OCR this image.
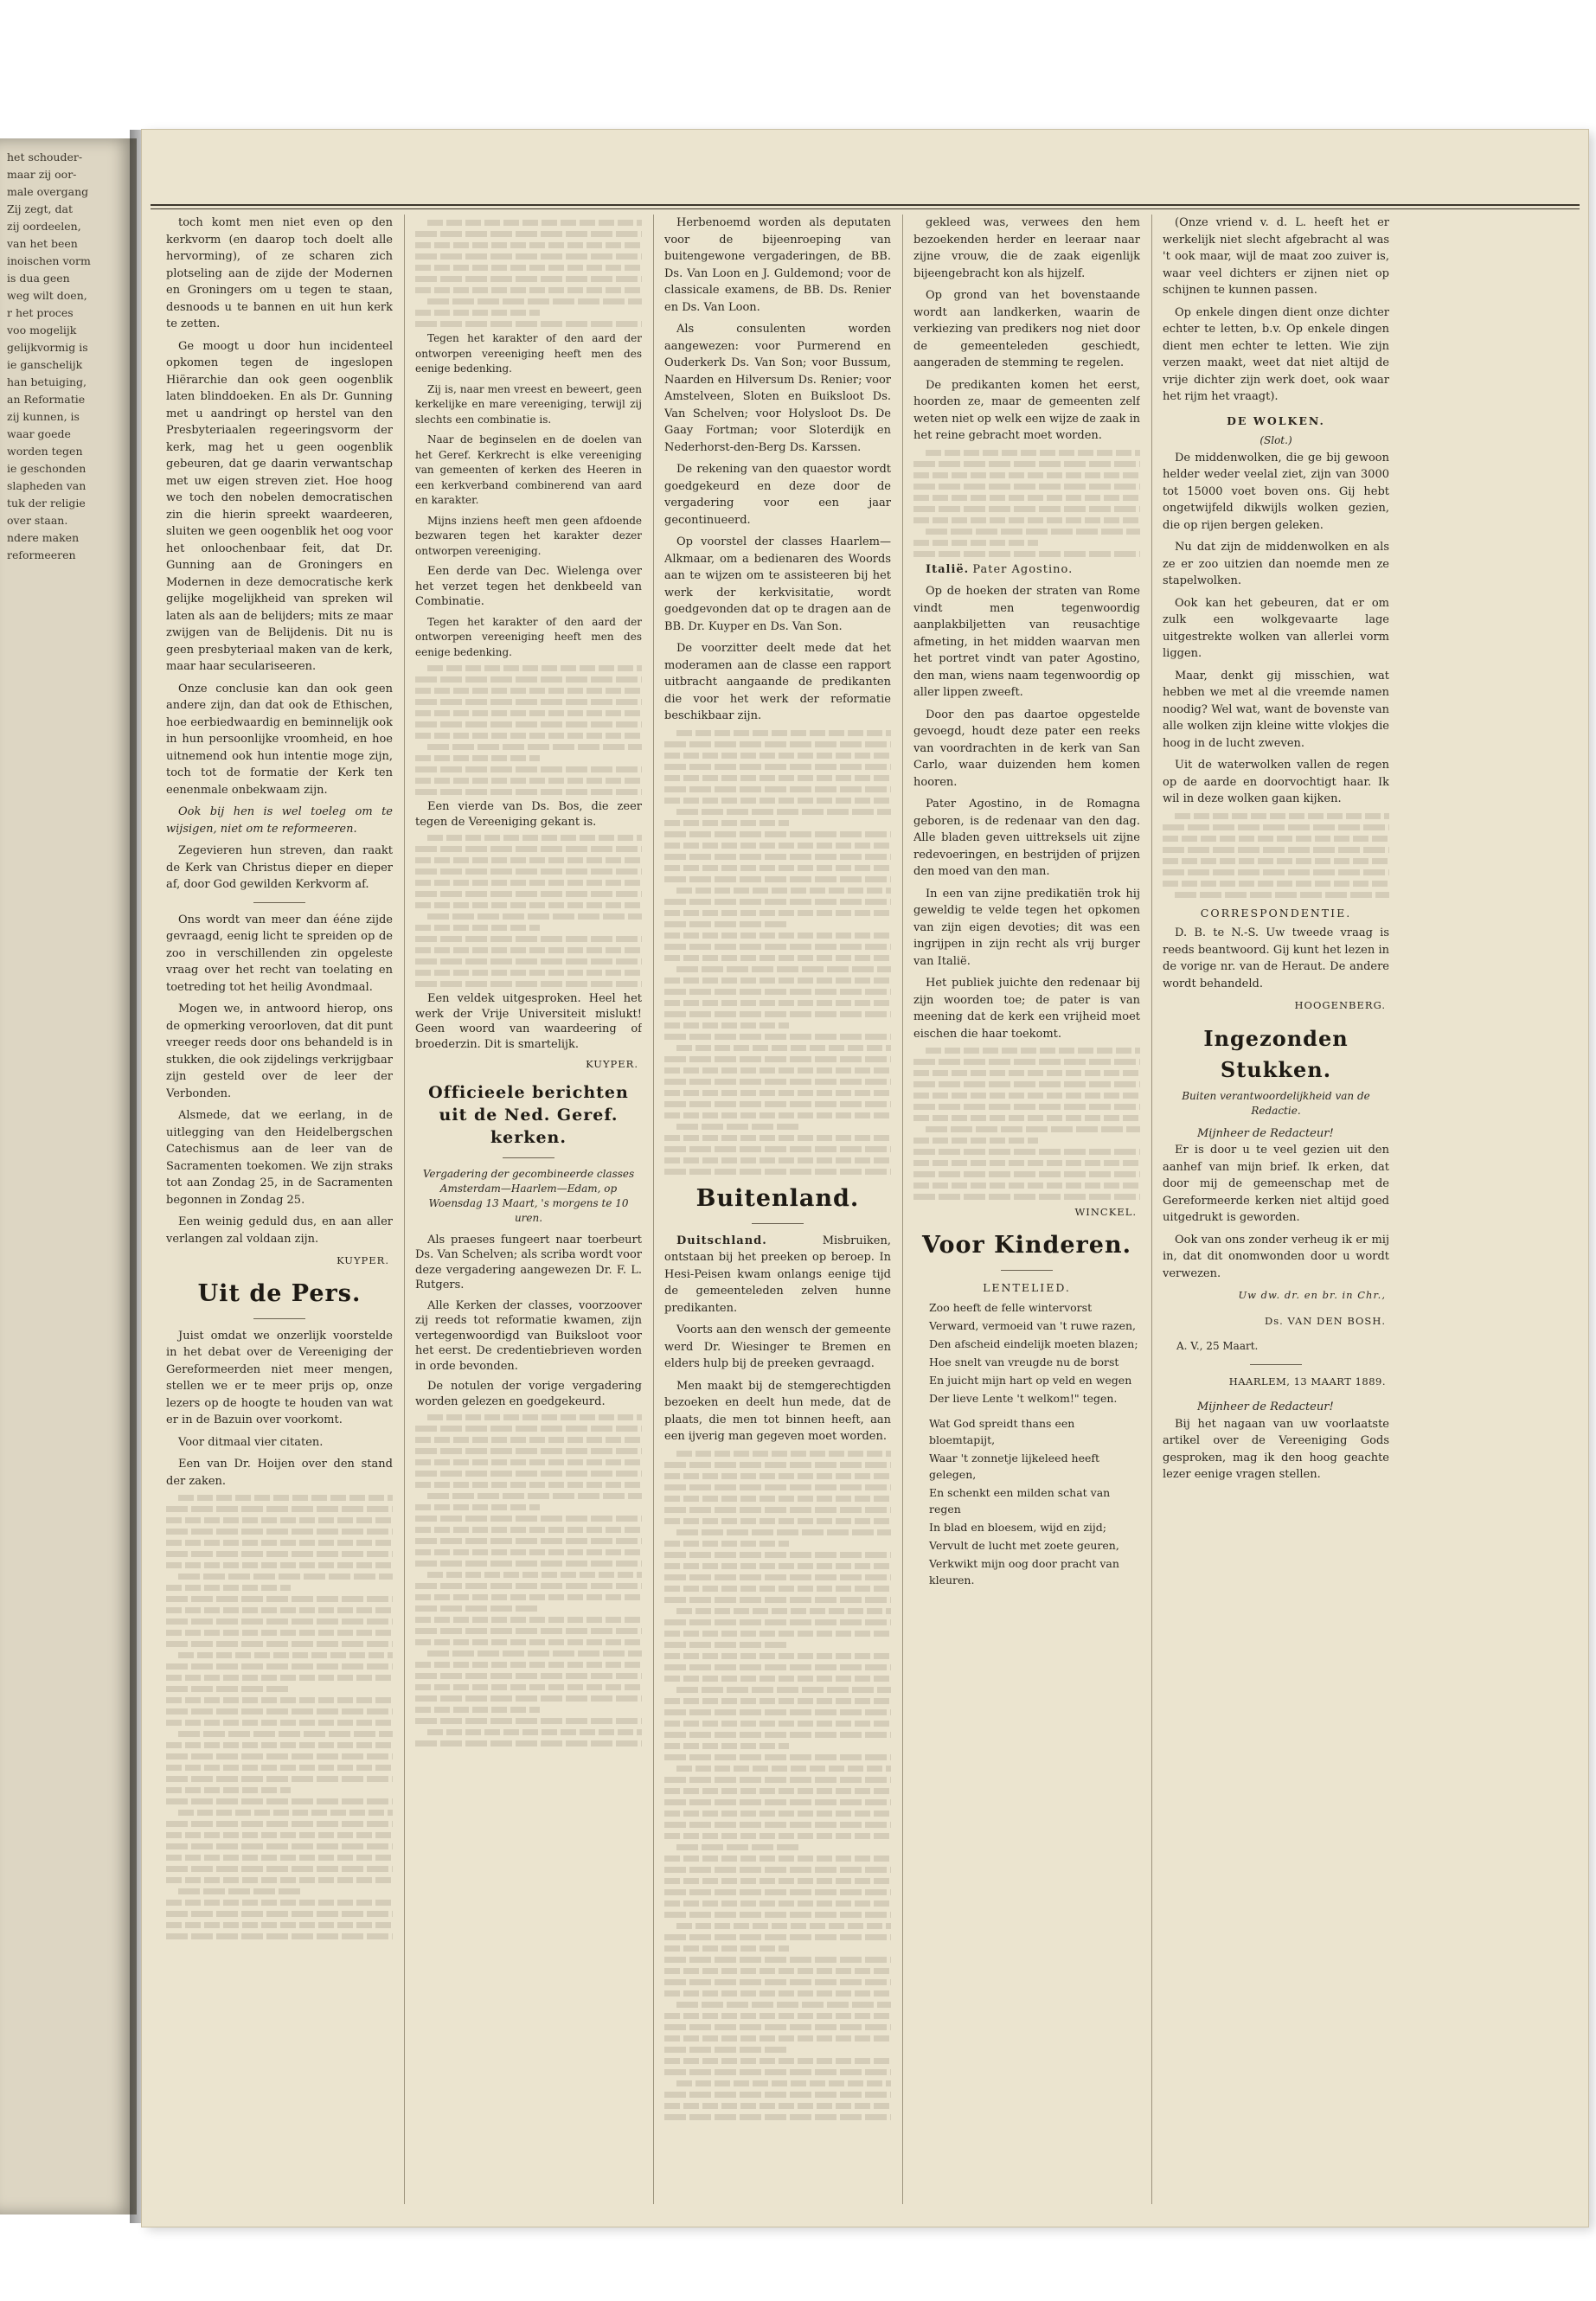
het schouder-
maar zij oor-
male overgang
Zij zegt, dat
zij oordeelen,
van het been
inoischen vorm
is dua geen
weg wilt doen,
r het proces
voo mogelijk
gelijkvormig is
ie ganschelijk
han betuiging,
an Reformatie
zij kunnen, is
waar goede
worden tegen
ie geschonden
slapheden van
tuk der religie
over staan.
ndere maken
reformeeren

toch komt men niet even op den kerkvorm (en daarop toch doelt alle hervorming), of ze scharen zich plotseling aan de zijde der Modernen en Groningers om u tegen te staan, desnoods u te bannen en uit hun kerk te zetten.

Ge moogt u door hun incidenteel opkomen tegen de ingeslopen Hiërarchie dan ook geen oogenblik laten blinddoeken. En als Dr. Gunning met u aandringt op herstel van den Presbyteriaalen regeeringsvorm der kerk, mag het u geen oogenblik gebeuren, dat ge daarin verwantschap met uw eigen streven ziet. Hoe hoog we toch den nobelen democratischen zin die hierin spreekt waardeeren, sluiten we geen oogenblik het oog voor het onloochenbaar feit, dat Dr. Gunning aan de Groningers en Modernen in deze democratische kerk gelijke mogelijkheid van spreken wil laten als aan de belijders; mits ze maar zwijgen van de Belijdenis. Dit nu is geen presbyteriaal maken van de kerk, maar haar seculariseeren.

Onze conclusie kan dan ook geen andere zijn, dan dat ook de Ethischen, hoe eerbiedwaardig en beminnelijk ook in hun persoonlijke vroomheid, en hoe uitnemend ook hun intentie moge zijn, toch tot de formatie der Kerk ten eenenmale onbekwaam zijn.

Ook bij hen is wel toeleg om te wijsigen, niet om te reformeeren.

Zegevieren hun streven, dan raakt de Kerk van Christus dieper en dieper af, door God gewilden Kerkvorm af.

Ons wordt van meer dan ééne zijde gevraagd, eenig licht te spreiden op de zoo in verschillenden zin opgeleste vraag over het recht van toelating en toetreding tot het heilig Avondmaal.

Mogen we, in antwoord hierop, ons de opmerking veroorloven, dat dit punt vreeger reeds door ons behandeld is in stukken, die ook zijdelings verkrijgbaar zijn gesteld over de leer der Verbonden.

Alsmede, dat we eerlang, in de uitlegging van den Heidelbergschen Catechismus aan de leer van de Sacramenten toekomen. We zijn straks tot aan Zondag 25, in de Sacramenten begonnen in Zondag 25.

Een weinig geduld dus, en aan aller verlangen zal voldaan zijn.

KUYPER.
Uit de Pers.

Juist omdat we onzerlijk voorstelde in het debat over de Vereeniging der Gereformeerden niet meer mengen, stellen we er te meer prijs op, onze lezers op de hoogte te houden van wat er in de Bazuin over voorkomt.

Voor ditmaal vier citaten.

Een van Dr. Hoijen over den stand der zaken.

Tegen het karakter of den aard der ontworpen vereeniging heeft men des eenige bedenking.

Zij is, naar men vreest en beweert, geen kerkelijke en mare vereeniging, terwijl zij slechts een combinatie is.

Naar de beginselen en de doelen van het Geref. Kerkrecht is elke vereeniging van gemeenten of kerken des Heeren in een kerkverband combinerend van aard en karakter.

Mijns inziens heeft men geen afdoende bezwaren tegen het karakter dezer ontworpen vereeniging.

Een derde van Dec. Wielenga over het verzet tegen het denkbeeld van Combinatie.

Tegen het karakter of den aard der ontworpen vereeniging heeft men des eenige bedenking.

Een vierde van Ds. Bos, die zeer tegen de Vereeniging gekant is.

Een veldek uitgesproken. Heel het werk der Vrije Universiteit mislukt! Geen woord van waardeering of broederzin. Dit is smartelijk.

KUYPER.
Officieele berichten uit de Ned. Geref. kerken.

Vergadering der gecombineerde classes Amsterdam—Haarlem—Edam, op Woensdag 13 Maart, 's morgens te 10 uren.

Als praeses fungeert naar toerbeurt Ds. Van Schelven; als scriba wordt voor deze vergadering aangewezen Dr. F. L. Rutgers.

Alle Kerken der classes, voorzoover zij reeds tot reformatie kwamen, zijn vertegenwoordigd van Buiksloot voor het eerst. De credentiebrieven worden in orde bevonden.

De notulen der vorige vergadering worden gelezen en goedgekeurd.

Herbenoemd worden als deputaten voor de bijeenroeping van buitengewone vergaderingen, de BB. Ds. Van Loon en J. Guldemond; voor de classicale examens, de BB. Ds. Renier en Ds. Van Loon.

Als consulenten worden aangewezen: voor Purmerend en Ouderkerk Ds. Van Son; voor Bussum, Naarden en Hilversum Ds. Renier; voor Amstelveen, Sloten en Buiksloot Ds. Van Schelven; voor Holysloot Ds. De Gaay Fortman; voor Sloterdijk en Nederhorst-den-Berg Ds. Karssen.

De rekening van den quaestor wordt goedgekeurd en deze door de vergadering voor een jaar gecontinueerd.

Op voorstel der classes Haarlem—Alkmaar, om a bedienaren des Woords aan te wijzen om te assisteeren bij het werk der kerkvisitatie, wordt goedgevonden dat op te dragen aan de BB. Dr. Kuyper en Ds. Van Son.

De voorzitter deelt mede dat het moderamen aan de classe een rapport uitbracht aangaande de predikanten die voor het werk der reformatie beschikbaar zijn.

Buitenland.

Duitschland.	Misbruiken, ontstaan bij het preeken op beroep. In Hesi-Peisen kwam onlangs eenige tijd de gemeenteleden zelven hunne predikanten.

Voorts aan den wensch der gemeente werd Dr. Wiesinger te Bremen en elders hulp bij de preeken gevraagd.

Men maakt bij de stemgerechtigden bezoeken en deelt hun mede, dat de plaats, die men tot binnen heeft, aan een ijverig man gegeven moet worden.

gekleed was, verwees den hem bezoekenden herder en leeraar naar zijne vrouw, die de zaak eigenlijk bijeengebracht kon als hijzelf.

Op grond van het bovenstaande wordt aan landkerken, waarin de verkiezing van predikers nog niet door de gemeenteleden geschiedt, aangeraden de stemming te regelen.

De predikanten komen het eerst, hoorden ze, maar de gemeenten zelf weten niet op welk een wijze de zaak in het reine gebracht moet worden.

Italië. Pater Agostino.

Op de hoeken der straten van Rome vindt men tegenwoordig aanplakbiljetten van reusachtige afmeting, in het midden waarvan men het portret vindt van pater Agostino, den man, wiens naam tegenwoordig op aller lippen zweeft.

Door den pas daartoe opgestelde gevoegd, houdt deze pater een reeks van voordrachten in de kerk van San Carlo, waar duizenden hem komen hooren.

Pater Agostino, in de Romagna geboren, is de redenaar van den dag. Alle bladen geven uittreksels uit zijne redevoeringen, en bestrijden of prijzen den moed van den man.

In een van zijne predikatiën trok hij geweldig te velde tegen het opkomen van zijn eigen devoties; dit was een ingrijpen in zijn recht als vrij burger van Italië.

Het publiek juichte den redenaar bij zijn woorden toe; de pater is van meening dat de kerk een vrijheid moet eischen die haar toekomt.

WINCKEL.
Voor Kinderen.
LENTELIED.
Zoo heeft de felle wintervorst
Verward, vermoeid van 't ruwe razen,
Den afscheid eindelijk moeten blazen;
Hoe snelt van vreugde nu de borst
En juicht mijn hart op veld en wegen
Der lieve Lente 't welkom!" tegen.
Wat God spreidt thans een bloemtapijt,
Waar 't zonnetje lijkeleed heeft gelegen,
En schenkt een milden schat van regen
In blad en bloesem, wijd en zijd;
Vervult de lucht met zoete geuren,
Verkwikt mijn oog door pracht van kleuren.

(Onze vriend v. d. L. heeft het er werkelijk niet slecht afgebracht al was 't ook maar, wijl de maat zoo zuiver is, waar veel dichters er zijnen niet op schijnen te kunnen passen.

Op enkele dingen dient onze dichter echter te letten, b.v. Op enkele dingen dient men echter te letten. Wie zijn verzen maakt, weet dat niet altijd de vrije dichter zijn werk doet, ook waar het rijm het vraagt).

DE WOLKEN.
(Slot.)

De middenwolken, die ge bij gewoon helder weder veelal ziet, zijn van 3000 tot 15000 voet boven ons. Gij hebt ongetwijfeld dikwijls wolken gezien, die op rijen bergen geleken.

Nu dat zijn de middenwolken en als ze er zoo uitzien dan noemde men ze stapelwolken.

Ook kan het gebeuren, dat er om zulk een wolkgevaarte lage uitgestrekte wolken van allerlei vorm liggen.

Maar, denkt gij misschien, wat hebben we met al die vreemde namen noodig? Wel wat, want de bovenste van alle wolken zijn kleine witte vlokjes die hoog in de lucht zweven.

Uit de waterwolken vallen de regen op de aarde en doorvochtigt haar. Ik wil in deze wolken gaan kijken.

CORRESPONDENTIE.

D. B. te N.-S. Uw tweede vraag is reeds beantwoord. Gij kunt het lezen in de vorige nr. van de Heraut. De andere wordt behandeld.

HOOGENBERG.
Ingezonden Stukken.

Buiten verantwoordelijkheid van de Redactie.

Mijnheer de Redacteur!

Er is door u te veel gezien uit den aanhef van mijn brief. Ik erken, dat door mij de gemeenschap met de Gereformeerde kerken niet altijd goed uitgedrukt is geworden.

Ook van ons zonder verheug ik er mij in, dat dit onomwonden door u wordt verwezen.

Uw dw. dr. en br. in Chr.,
Ds. VAN DEN BOSH.
A. V., 25 Maart.
HAARLEM, 13 MAART 1889.
Mijnheer de Redacteur!

Bij het nagaan van uw voorlaatste artikel over de Vereeniging Gods gesproken, mag ik den hoog geachte lezer eenige vragen stellen.
